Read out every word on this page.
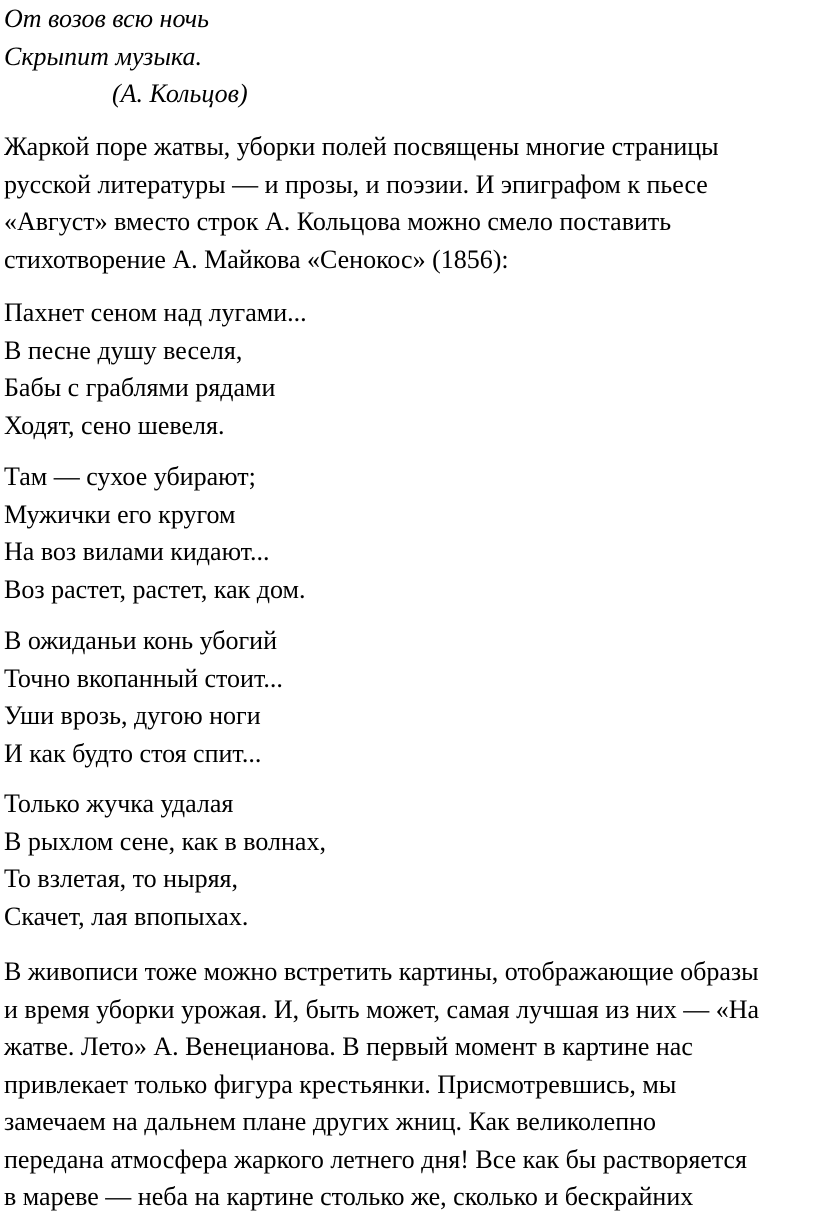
От возов всю ночь
Скрыпит музыка.
(А. Кольцов)
Жаркой поре жатвы, уборки полей посвящены многие страницы
русской литературы — и прозы, и поэзии. И эпиграфом к пьесе
«Август» вместо строк А. Кольцова можно смело поставить
стихотворение А. Майкова «Сенокос» (1856):
Пахнет сеном над лугами...
В песне душу веселя,
Бабы с граблями рядами
Ходят, сено шевеля.
Там — сухое убирают;
Мужички его кругом
На воз вилами кидают...
Воз растет, растет, как дом.
В ожиданьи конь убогий
Точно вкопанный стоит...
Уши врозь, дугою ноги
И как будто стоя спит...
Только жучка удалая
В рыхлом сене, как в волнах,
То взлетая, то ныряя,
Скачет, лая впопыхах.
В живописи тоже можно встретить картины, отображающие образы
и время уборки урожая. И, быть может, самая лучшая из них — «На
жатве. Лето» А. Венецианова. В первый момент в картине нас
привлекает только фигура крестьянки. Присмотревшись, мы
замечаем на дальнем плане других жниц. Как великолепно
передана атмосфера жаркого летнего дня! Все как бы растворяется
в мареве — неба на картине столько же, сколько и бескрайних
